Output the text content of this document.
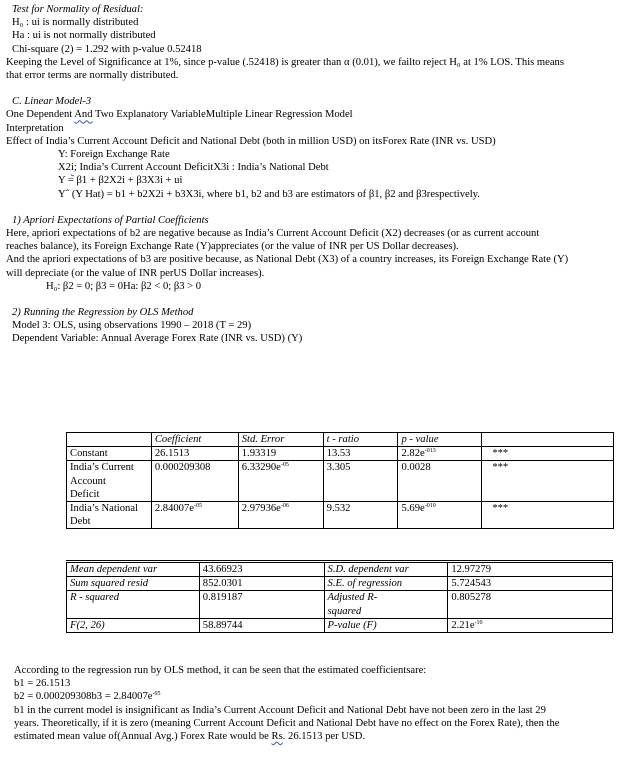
Test for Normality of Residual:
H₀ : ui is normally distributed
Ha : ui is not normally distributed
Chi-square (2) = 1.292 with p-value 0.52418
Keeping the Level of Significance at 1%, since p-value (.52418) is greater than α (0.01), we failto reject H₀ at 1% LOS. This means
that error terms are normally distributed.
C. Linear Model-3
One Dependent And Two Explanatory VariableMultiple Linear Regression Model
Interpretation
Effect of India’s Current Account Deficit and National Debt (both in million USD) on itsForex Rate (INR vs. USD)
Y: Foreign Exchange Rate
X2i; India’s Current Account DeficitX3i : India’s National Debt
Y = β1 + β2X2i + β3X3i + ui
Yˆ (Y Hat) = b1 + b2X2i + b3X3i, where b1, b2 and b3 are estimators of β1, β2 and β3respectively.
1) Apriori Expectations of Partial Coefficients
Here, apriori expectations of b2 are negative because as India’s Current Account Deficit (X2) decreases (or as current account
reaches balance), its Foreign Exchange Rate (Y)appreciates (or the value of INR per US Dollar decreases).
And the apriori expectations of b3 are positive because, as National Debt (X3) of a country increases, its Foreign Exchange Rate (Y)
will depreciate (or the value of INR perUS Dollar increases).
H₀: β2 = 0; β3 = 0Ha: β2 < 0; β3 > 0
2) Running the Regression by OLS Method
Model 3: OLS, using observations 1990 – 2018 (T = 29)
Dependent Variable: Annual Average Forex Rate (INR vs. USD) (Y)
	Coefficient	Std. Error	t - ratio	p - value	
Constant	26.1513	1.93319	13.53	$2.82e^{-013}$	***
India’s Current
Account
Deficit	0.000209308	$6.33290e^{-05}$	3.305	0.0028	***
India’s National
Debt	$2.84007e^{-05}$	$2.97936e^{-06}$	9.532	$5.69e^{-010}$	***
Mean dependent var	43.66923	S.D. dependent var	12.97279
Sum squared resid	852.0301	S.E. of regression	5.724543
R - squared	0.819187	Adjusted R-
squared	0.805278
F(2, 26)	58.89744	P-value (F)	$2.21e^{-10}$
According to the regression run by OLS method, it can be seen that the estimated coefficientsare:
b1 = 26.1513
$b2 = 0.000209308b3 = 2.84007e^{-05}$
b1 in the current model is insignificant as India’s Current Account Deficit and National Debt have not been zero in the last 29
years. Theoretically, if it is zero (meaning Current Account Deficit and National Debt have no effect on the Forex Rate), then the
estimated mean value of(Annual Avg.) Forex Rate would be Rs. 26.1513 per USD.
